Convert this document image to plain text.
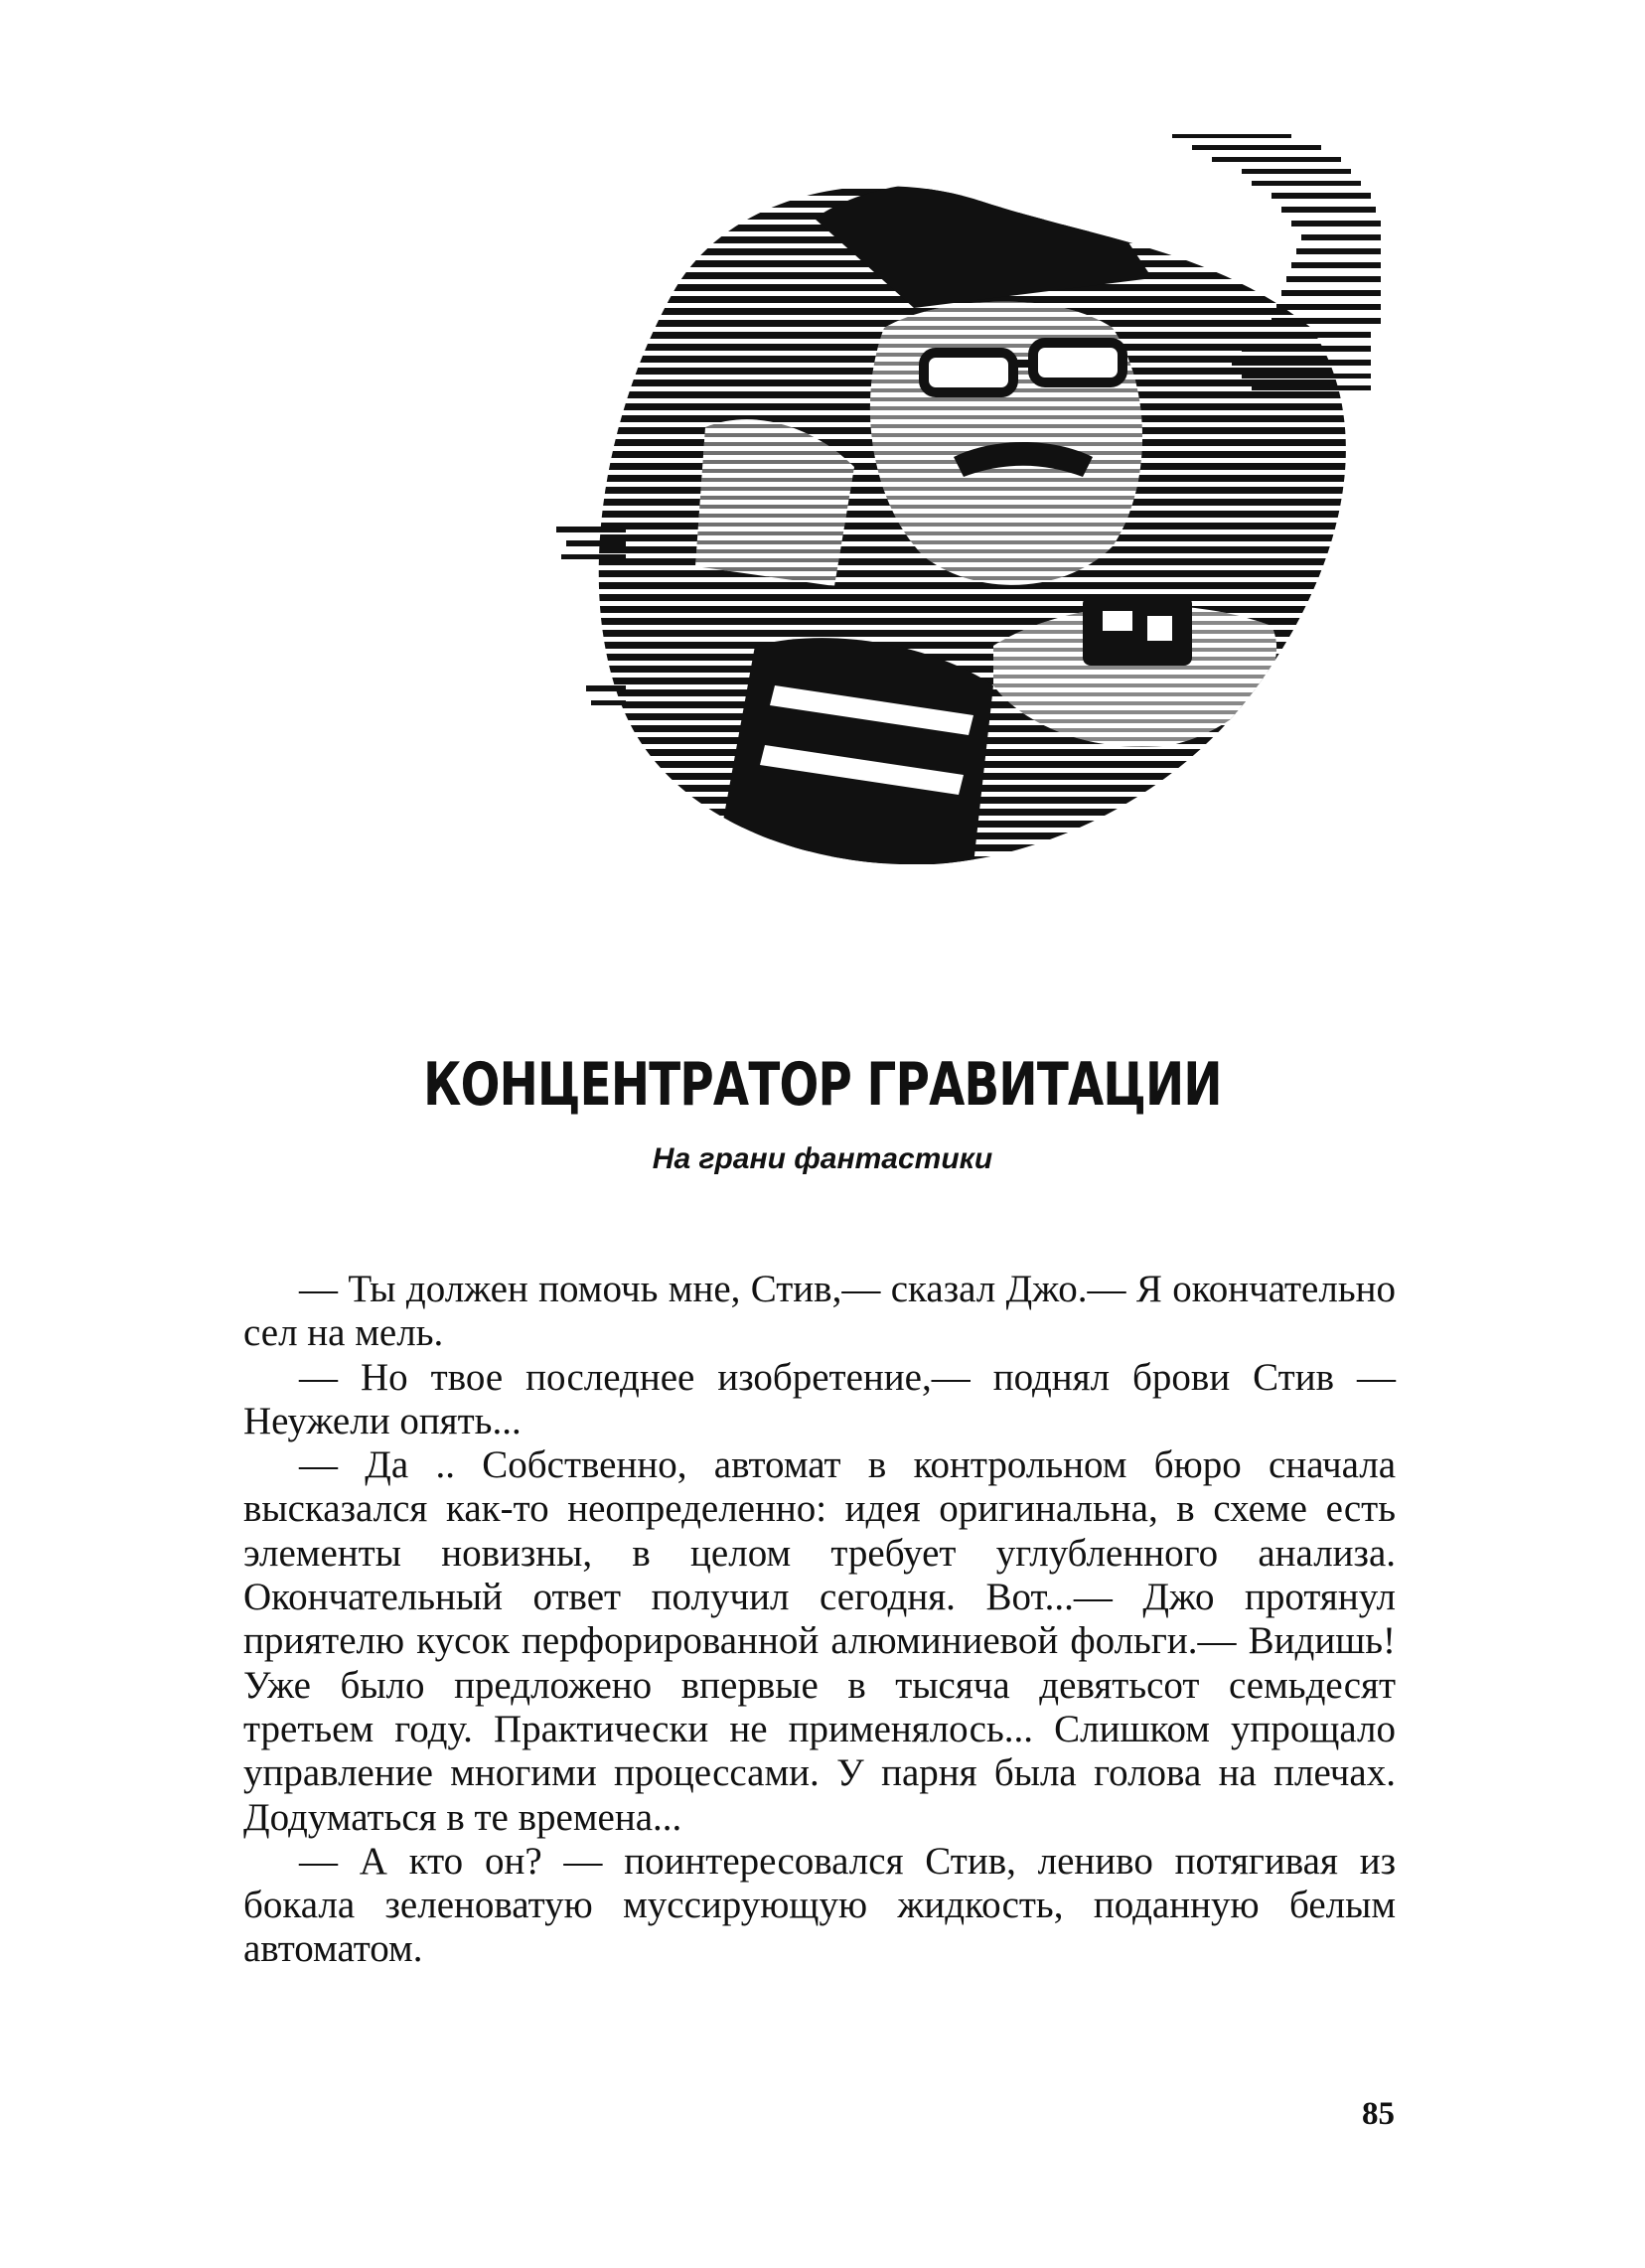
КОНЦЕНТРАТОР ГРАВИТАЦИИ
На грани фантастики

— Ты должен помочь мне, Стив,— сказал Джо.— Я окончательно сел на мель.

— Но твое последнее изобретение,— поднял брови Стив — Неужели опять...

— Да .. Собственно, автомат в контрольном бюро сначала высказался как-то неопределенно: идея оригинальна, в схеме есть элементы новизны, в целом требует углубленного анализа. Окончательный ответ получил сегодня. Вот...— Джо протянул приятелю кусок перфорированной алюминиевой фольги.— Видишь! Уже было предложено впервые в тысяча девятьсот семьдесят третьем году. Практически не применялось... Слишком упрощало управление многими процессами. У парня была голова на плечах. Додуматься в те времена...

— А кто он? — поинтересовался Стив, лениво потягивая из бокала зеленоватую муссирующую жидкость, поданную белым автоматом.

85
